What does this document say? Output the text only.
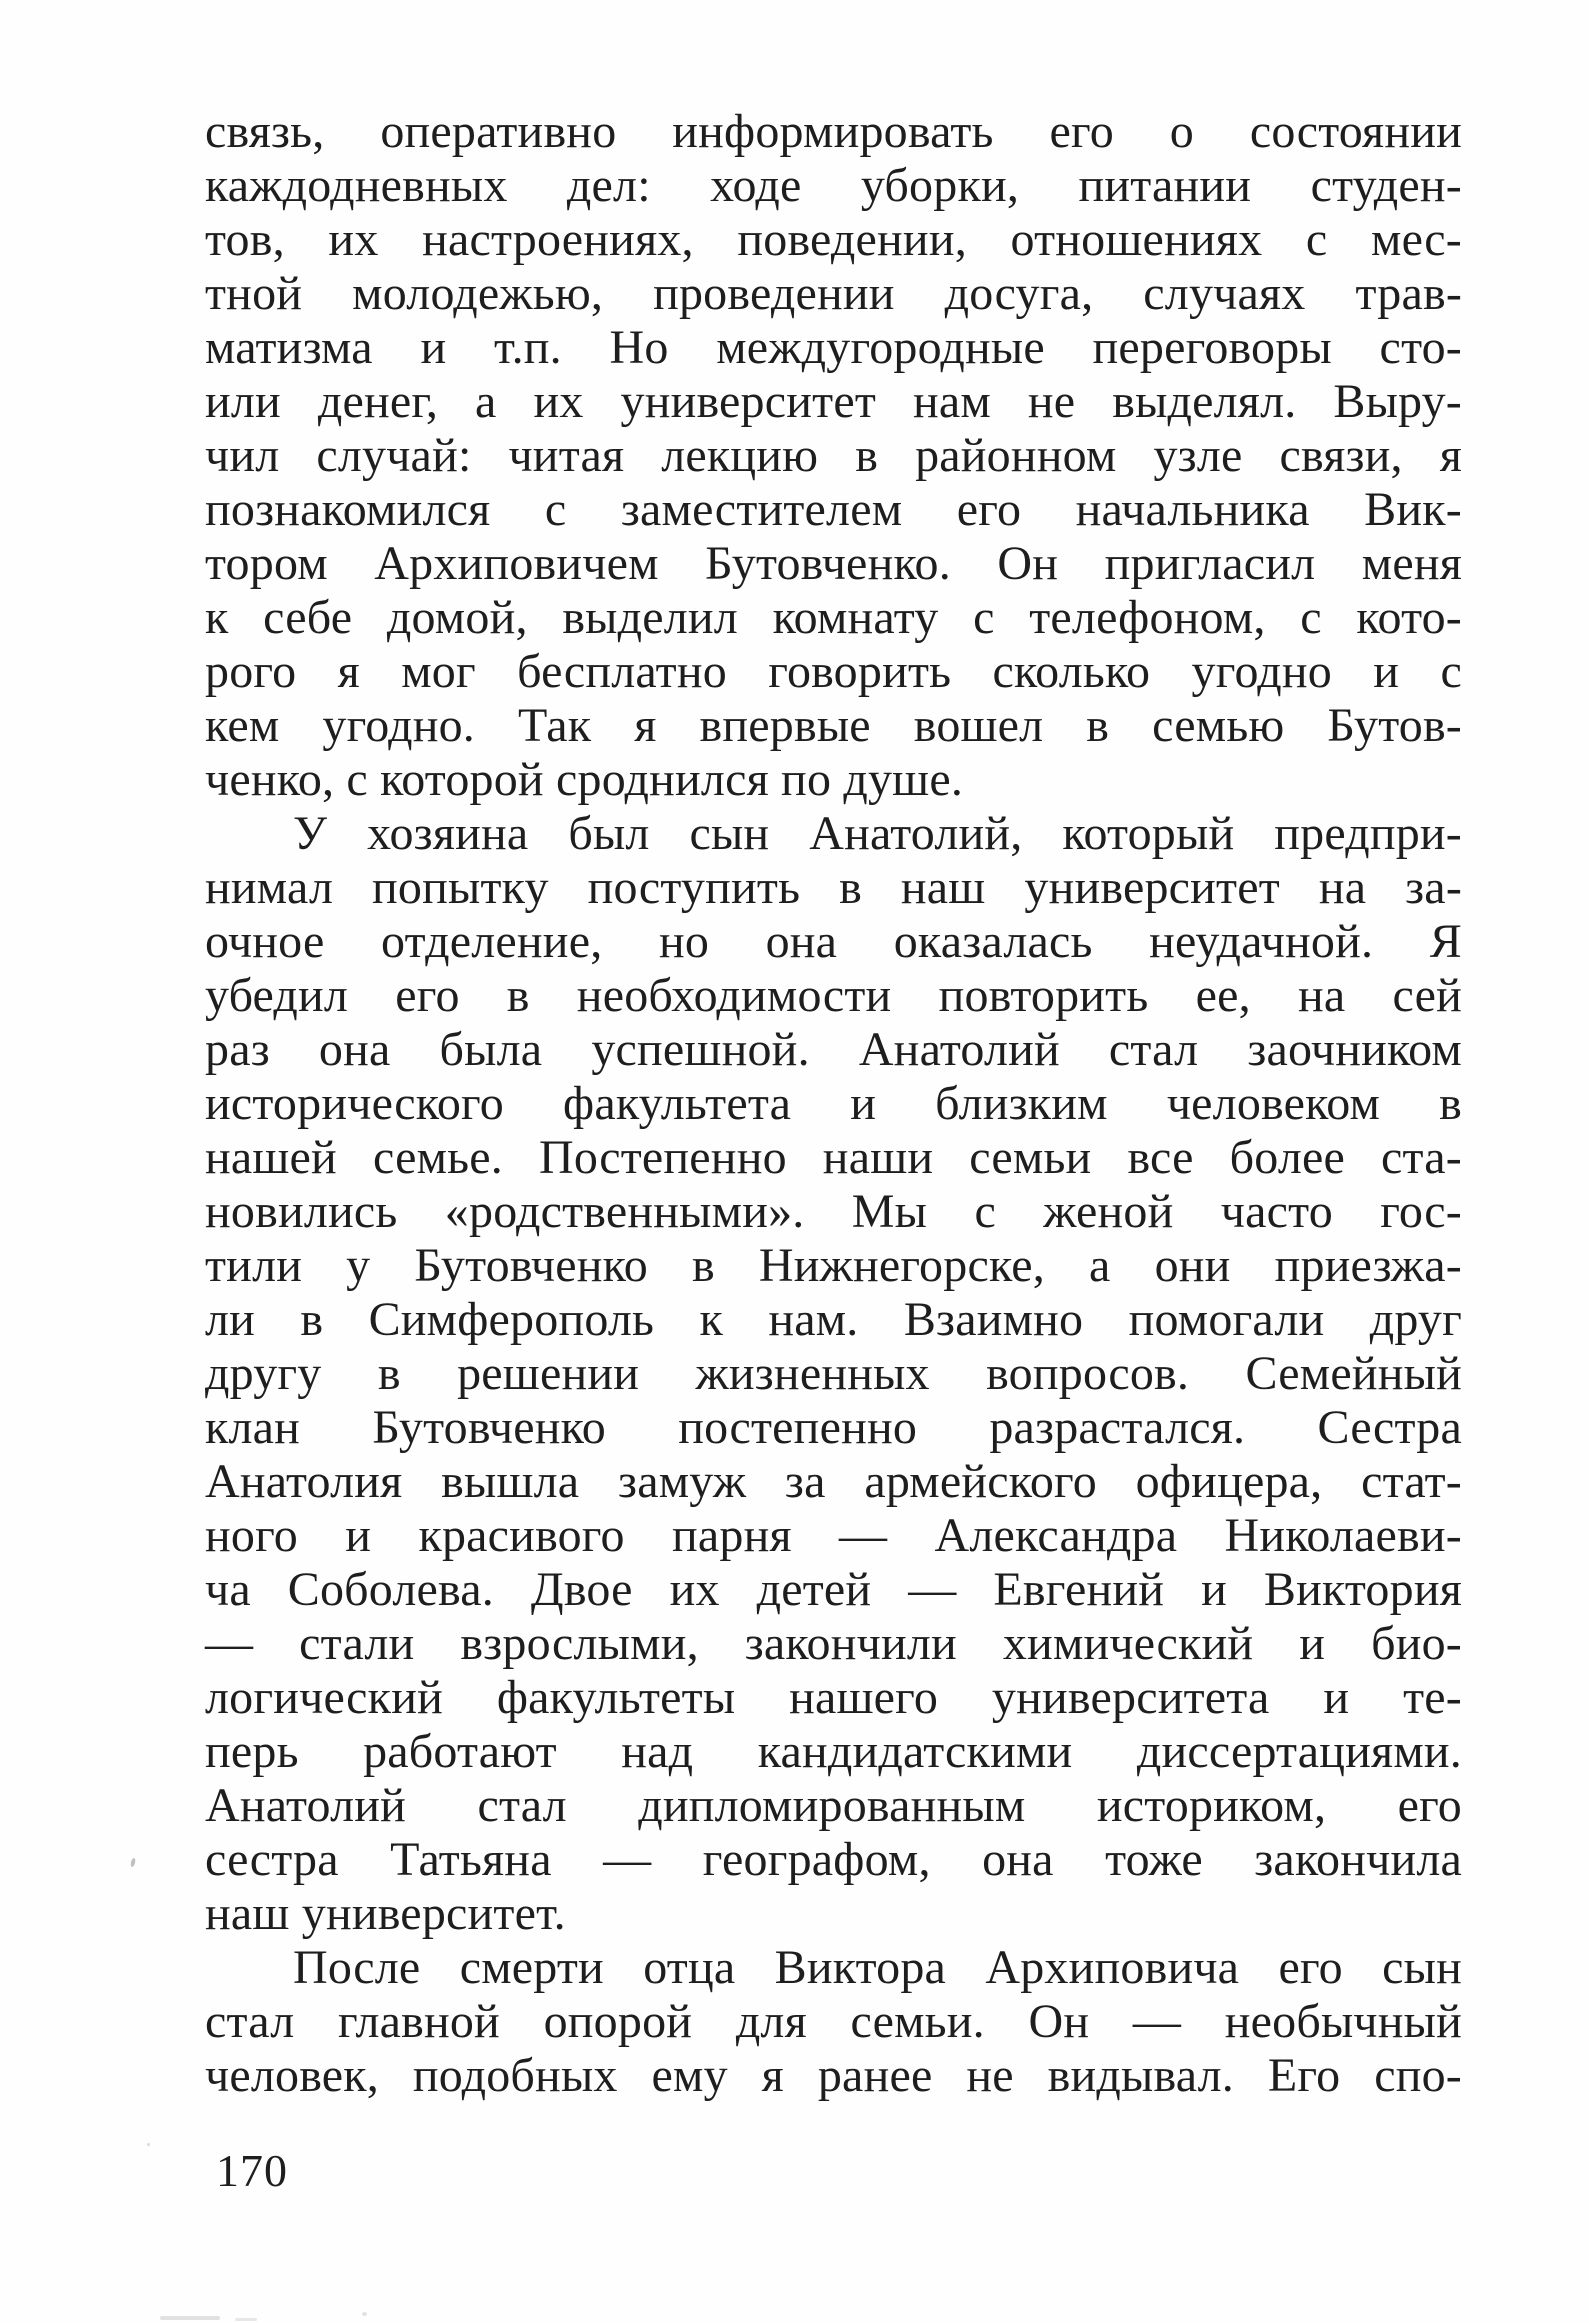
связь, оперативно информировать его о состоянии
каждодневных дел: ходе уборки, питании студен-
тов, их настроениях, поведении, отношениях с мес-
тной молодежью, проведении досуга, случаях трав-
матизма и т.п. Но междугородные переговоры сто-
или денег, а их университет нам не выделял. Выру-
чил случай: читая лекцию в районном узле связи, я
познакомился с заместителем его начальника Вик-
тором Архиповичем Бутовченко. Он пригласил меня
к себе домой, выделил комнату с телефоном, с кото-
рого я мог бесплатно говорить сколько угодно и с
кем угодно. Так я впервые вошел в семью Бутов-
ченко, с которой сроднился по душе.
У хозяина был сын Анатолий, который предпри-
нимал попытку поступить в наш университет на за-
очное отделение, но она оказалась неудачной. Я
убедил его в необходимости повторить ее, на сей
раз она была успешной. Анатолий стал заочником
исторического факультета и близким человеком в
нашей семье. Постепенно наши семьи все более ста-
новились «родственными». Мы с женой часто гос-
тили у Бутовченко в Нижнегорске, а они приезжа-
ли в Симферополь к нам. Взаимно помогали друг
другу в решении жизненных вопросов. Семейный
клан Бутовченко постепенно разрастался. Сестра
Анатолия вышла замуж за армейского офицера, стат-
ного и красивого парня — Александра Николаеви-
ча Соболева. Двое их детей — Евгений и Виктория
— стали взрослыми, закончили химический и био-
логический факультеты нашего университета и те-
перь работают над кандидатскими диссертациями.
Анатолий стал дипломированным историком, его
сестра Татьяна — географом, она тоже закончила
наш университет.
После смерти отца Виктора Архиповича его сын
стал главной опорой для семьи. Он — необычный
человек, подобных ему я ранее не видывал. Его спо-
170
